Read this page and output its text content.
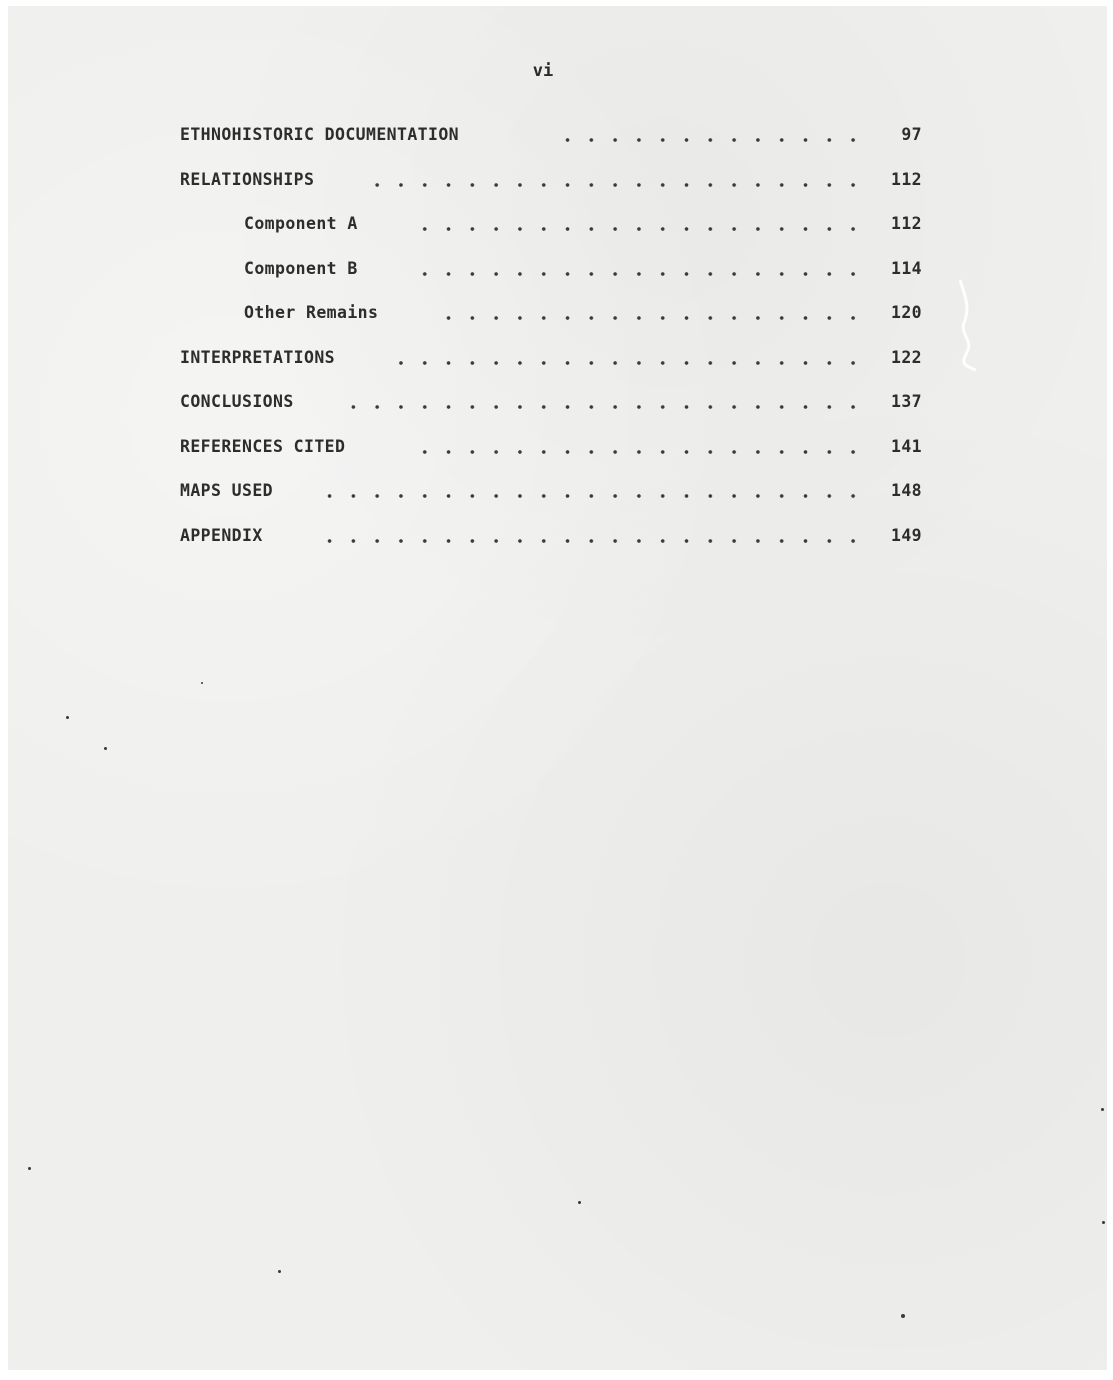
vi
ETHNOHISTORIC DOCUMENTATION	97
RELATIONSHIPS	112
Component A	112
Component B	114
Other Remains	120
INTERPRETATIONS	122
CONCLUSIONS	137
REFERENCES CITED	141
MAPS USED	148
APPENDIX	149
